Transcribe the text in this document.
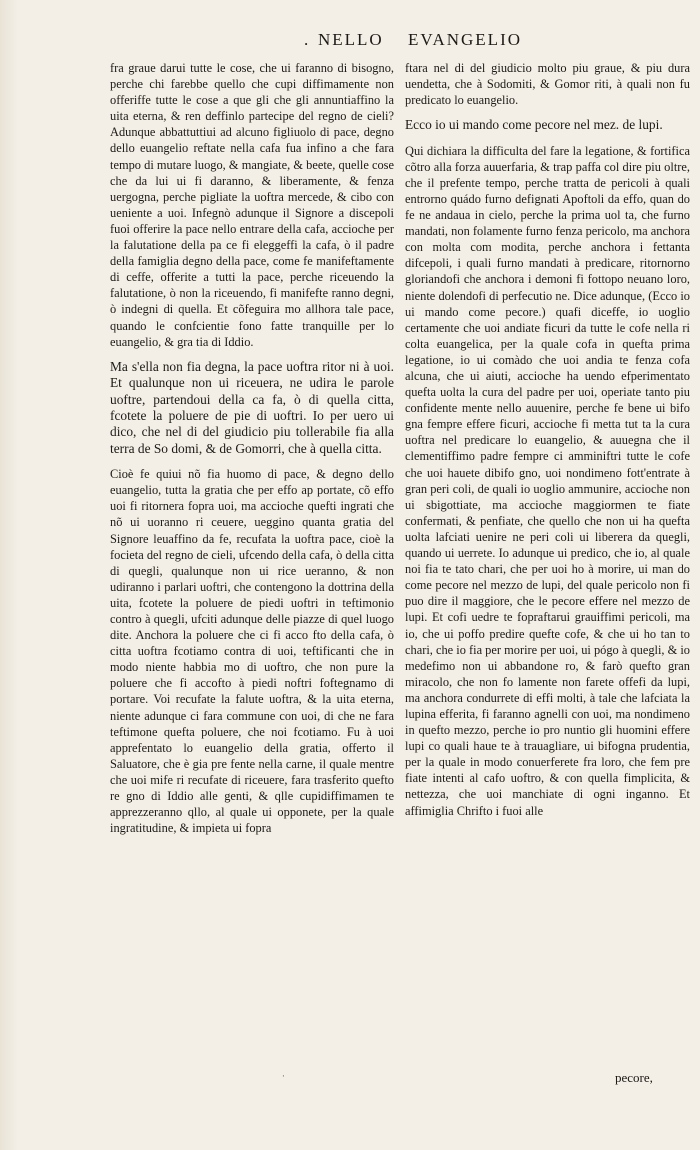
. NELLO EVANGELIO

fra graue darui tutte le cose, che ui faranno di bisogno, perche chi farebbe quello che cupi diffimamente non offeriffe tutte le cose a que gli che gli annuntiaffino la uita eterna, & ren deffinlo partecipe del regno de cieli? Adunque abbattuttiui ad alcuno figliuolo di pace, degno dello euangelio reftate nella cafa fua infino a che fara tempo di mutare luogo, & mangiate, & beete, quelle cose che da lui ui fi daranno, & liberamente, & fenza uergogna, perche pigliate la uoftra mercede, & cibo con ueniente a uoi. Infegnò adunque il Signore a discepoli fuoi offerire la pace nello entrare della cafa, accioche per la falutatione della pa ce fi eleggeffi la cafa, ò il padre della famiglia degno della pace, come fe manifeftamente di ceffe, offerite a tutti la pace, perche riceuendo la falutatione, ò non la riceuendo, fi manifefte ranno degni, ò indegni di quella. Et cõfeguira mo allhora tale pace, quando le confcientie fono fatte tranquille per lo euangelio, & gra tia di Iddio.

Ma s'ella non fia degna, la pace uoftra ritor ni à uoi. Et qualunque non ui riceuera, ne udira le parole uoftre, partendoui della ca fa, ò di quella citta, fcotete la poluere de pie di uoftri. Io per uero ui dico, che nel di del giudicio piu tollerabile fia alla terra de So domi, & de Gomorri, che à quella citta.

Cioè fe quiui nõ fia huomo di pace, & degno dello euangelio, tutta la gratia che per effo ap portate, cõ effo uoi fi ritornera fopra uoi, ma accioche quefti ingrati che nõ ui uoranno ri ceuere, ueggino quanta gratia del Signore leuaffino da fe, recufata la uoftra pace, cioè la focieta del regno de cieli, ufcendo della cafa, ò della citta di quegli, qualunque non ui rice ueranno, & non udiranno i parlari uoftri, che contengono la dottrina della uita, fcotete la poluere de piedi uoftri in teftimonio contro à quegli, ufciti adunque delle piazze di quel luogo dite. Anchora la poluere che ci fi acco fto della cafa, ò citta uoftra fcotiamo contra di uoi, teftificanti che in modo niente habbia mo di uoftro, che non pure la poluere che fi accofto à piedi noftri foftegnamo di portare. Voi recufate la falute uoftra, & la uita eterna, niente adunque ci fara commune con uoi, di che ne fara teftimone quefta poluere, che noi fcotiamo. Fu à uoi apprefentato lo euangelio della gratia, offerto il Saluatore, che è gia pre fente nella carne, il quale mentre che uoi mife ri recufate di riceuere, fara trasferito quefto re gno di Iddio alle genti, & qlle cupidiffimamen te apprezzeranno qllo, al quale ui opponete, per la quale ingratitudine, & impieta ui fopra

ftara nel di del giudicio molto piu graue, & piu dura uendetta, che à Sodomiti, & Gomor riti, à quali non fu predicato lo euangelio.

Ecco io ui mando come pecore nel mez. de lupi.

Qui dichiara la difficulta del fare la legatione, & fortifica cõtro alla forza auuerfaria, & trap paffa col dire piu oltre, che il prefente tempo, perche tratta de pericoli à quali entrorno quádo furno defignati Apoftoli da effo, quan do fe ne andaua in cielo, perche la prima uol ta, che furno mandati, non folamente furno fenza pericolo, ma anchora con molta com modita, perche anchora i fettanta difcepoli, i quali furno mandati à predicare, ritornorno gloriandofi che anchora i demoni fi fottopo neuano loro, niente dolendofi di perfecutio ne. Dice adunque, (Ecco io ui mando come pecore.) quafi diceffe, io uoglio certamente che uoi andiate ficuri da tutte le cofe nella ri colta euangelica, per la quale cofa in quefta prima legatione, io ui comàdo che uoi andia te fenza cofa alcuna, che ui aiuti, accioche ha uendo efperimentato quefta uolta la cura del padre per uoi, operiate tanto piu confidente mente nello auuenire, perche fe bene ui bifo gna fempre effere ficuri, accioche fi metta tut ta la cura uoftra nel predicare lo euangelio, & auuegna che il clementiffimo padre fempre ci amminiftri tutte le cofe che uoi hauete dibifo gno, uoi nondimeno fott'entrate à gran peri coli, de quali io uoglio ammunire, accioche non ui sbigottiate, ma accioche maggiormen te fiate confermati, & penfiate, che quello che non ui ha quefta uolta lafciati uenire ne peri coli ui liberera da quegli, quando ui uerrete. Io adunque ui predico, che io, al quale noi fia te tato chari, che per uoi ho à morire, ui man do come pecore nel mezzo de lupi, del quale pericolo non fi puo dire il maggiore, che le pecore effere nel mezzo de lupi. Et cofi uedre te fopraftarui grauiffimi pericoli, ma io, che ui poffo predire quefte cofe, & che ui ho tan to chari, che io fia per morire per uoi, ui pógo à quegli, & io medefimo non ui abbandone ro, & farò quefto gran miracolo, che non fo lamente non farete offefi da lupi, ma anchora condurrete di effi molti, à tale che lafciata la lupina efferita, fi faranno agnelli con uoi, ma nondimeno in quefto mezzo, perche io pro nuntio gli huomini effere lupi co quali haue te à trauagliare, ui bifogna prudentia, per la quale in modo conuerferete fra loro, che fem pre fiate intenti al cafo uoftro, & con quella fimplicita, & nettezza, che uoi manchiate di ogni inganno. Et affimiglia Chrifto i fuoi alle

pecore,
·
